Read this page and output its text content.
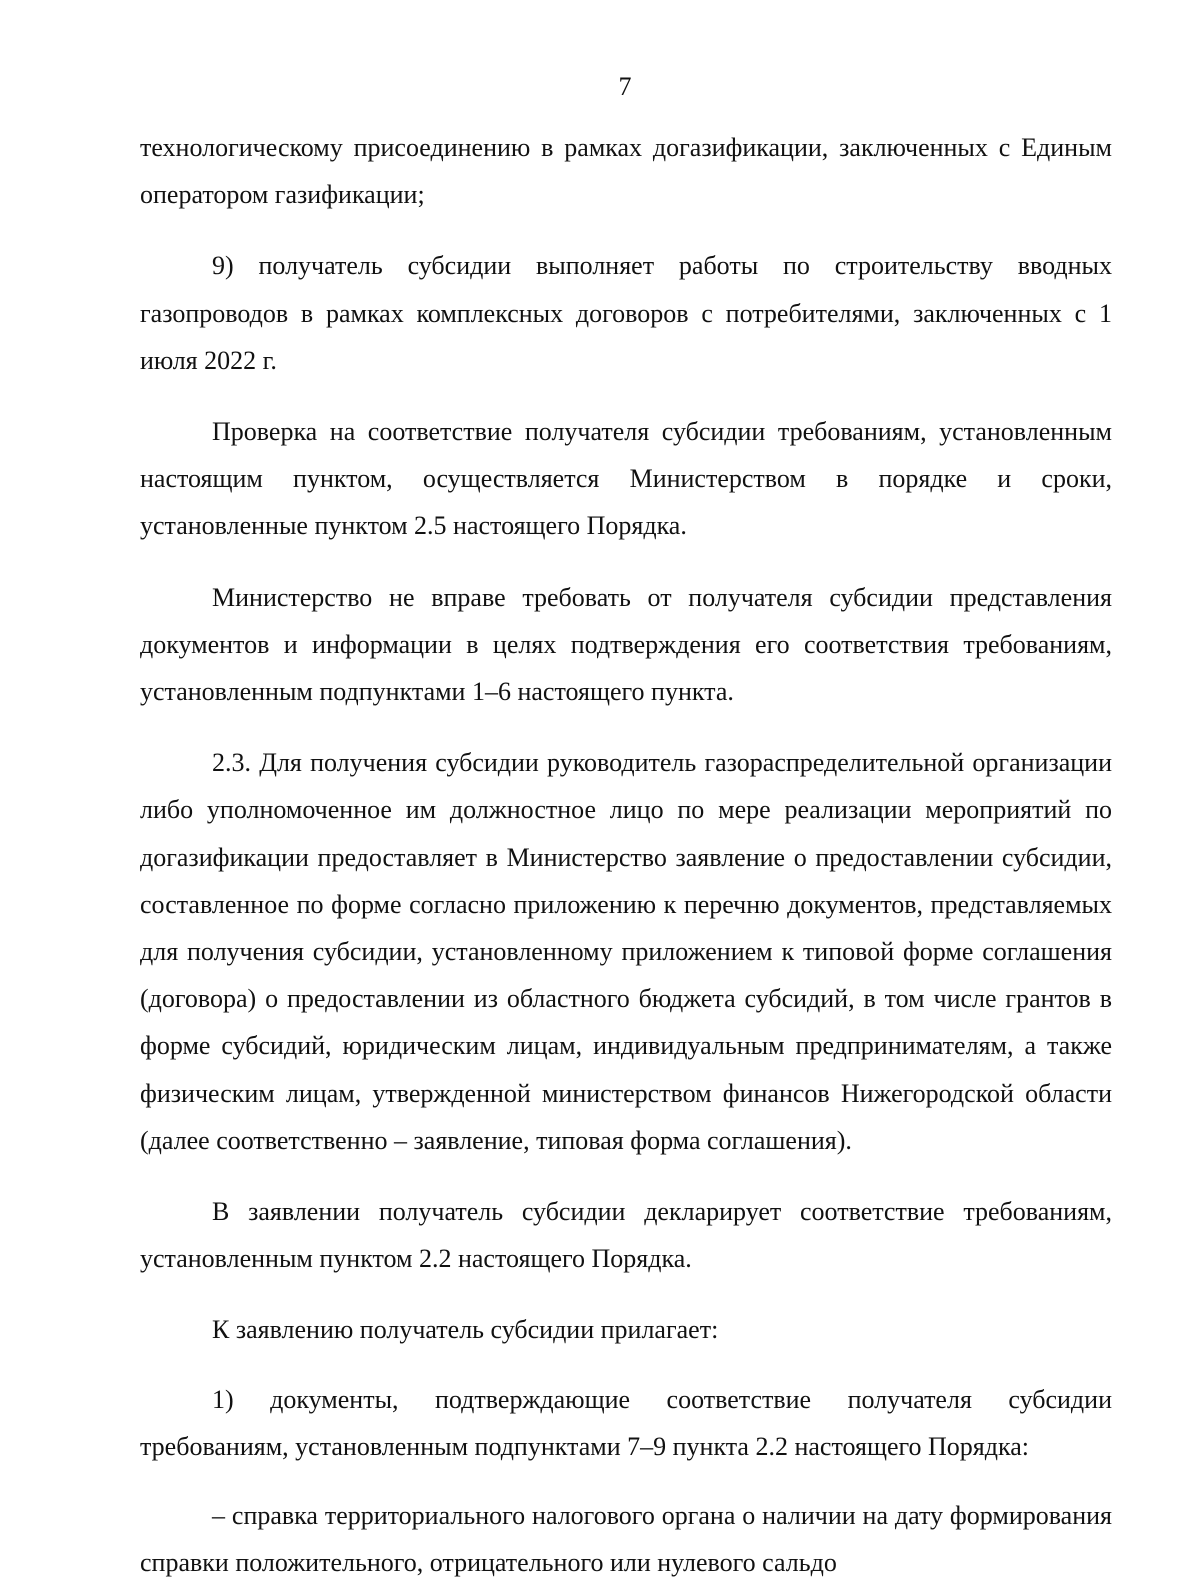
7

технологическому присоединению в рамках догазификации, заключенных с Единым оператором газификации;

9) получатель субсидии выполняет работы по строительству вводных газопроводов в рамках комплексных договоров с потребителями, заключенных с 1 июля 2022 г.

Проверка на соответствие получателя субсидии требованиям, установленным настоящим пунктом, осуществляется Министерством в порядке и сроки, установленные пунктом 2.5 настоящего Порядка.

Министерство не вправе требовать от получателя субсидии представления документов и информации в целях подтверждения его соответствия требованиям, установленным подпунктами 1–6 настоящего пункта.

2.3. Для получения субсидии руководитель газораспределительной организации либо уполномоченное им должностное лицо по мере реализации мероприятий по догазификации предоставляет в Министерство заявление о предоставлении субсидии, составленное по форме согласно приложению к перечню документов, представляемых для получения субсидии, установленному приложением к типовой форме соглашения (договора) о предоставлении из областного бюджета субсидий, в том числе грантов в форме субсидий, юридическим лицам, индивидуальным предпринимателям, а также физическим лицам, утвержденной министерством финансов Нижегородской области (далее соответственно – заявление, типовая форма соглашения).

В заявлении получатель субсидии декларирует соответствие требованиям, установленным пунктом 2.2 настоящего Порядка.

К заявлению получатель субсидии прилагает:

1) документы, подтверждающие соответствие получателя субсидии требованиям, установленным подпунктами 7–9 пункта 2.2 настоящего Порядка:

– справка территориального налогового органа о наличии на дату формирования справки положительного, отрицательного или нулевого сальдо
